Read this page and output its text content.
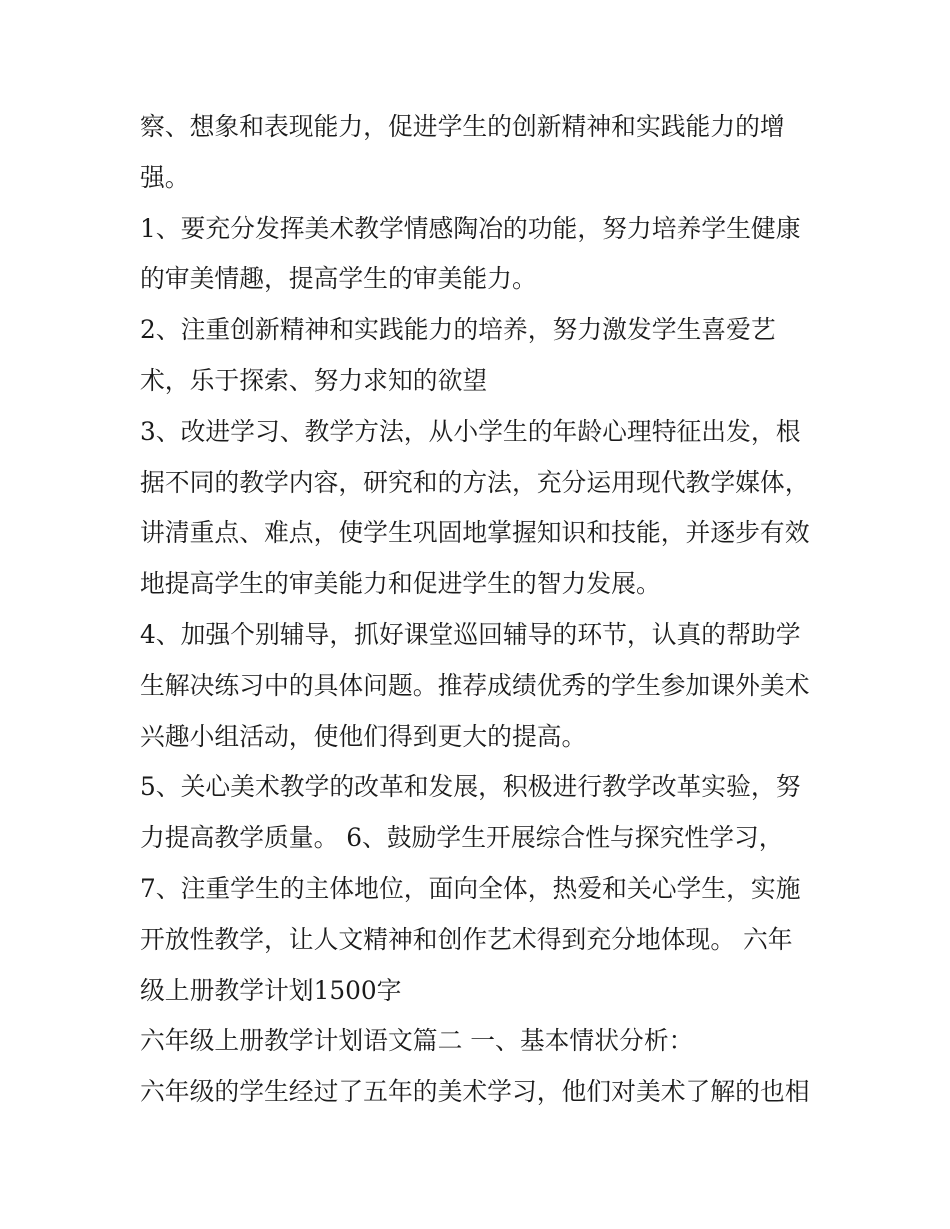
察、想象和表现能力，促进学生的创新精神和实践能力的增
强。
1、要充分发挥美术教学情感陶冶的功能，努力培养学生健康
的审美情趣，提高学生的审美能力。
2、注重创新精神和实践能力的培养，努力激发学生喜爱艺
术，乐于探索、努力求知的欲望
3、改进学习、教学方法，从小学生的年龄心理特征出发，根
据不同的教学内容，研究和的方法，充分运用现代教学媒体，
讲清重点、难点，使学生巩固地掌握知识和技能，并逐步有效
地提高学生的审美能力和促进学生的智力发展。
4、加强个别辅导，抓好课堂巡回辅导的环节，认真的帮助学
生解决练习中的具体问题。推荐成绩优秀的学生参加课外美术
兴趣小组活动，使他们得到更大的提高。
5、关心美术教学的改革和发展，积极进行教学改革实验，努
力提高教学质量。 6、鼓励学生开展综合性与探究性学习，
7、注重学生的主体地位，面向全体，热爱和关心学生，实施
开放性教学，让人文精神和创作艺术得到充分地体现。 六年
级上册教学计划1500字
六年级上册教学计划语文篇二 一、基本情状分析：
六年级的学生经过了五年的美术学习，他们对美术了解的也相
